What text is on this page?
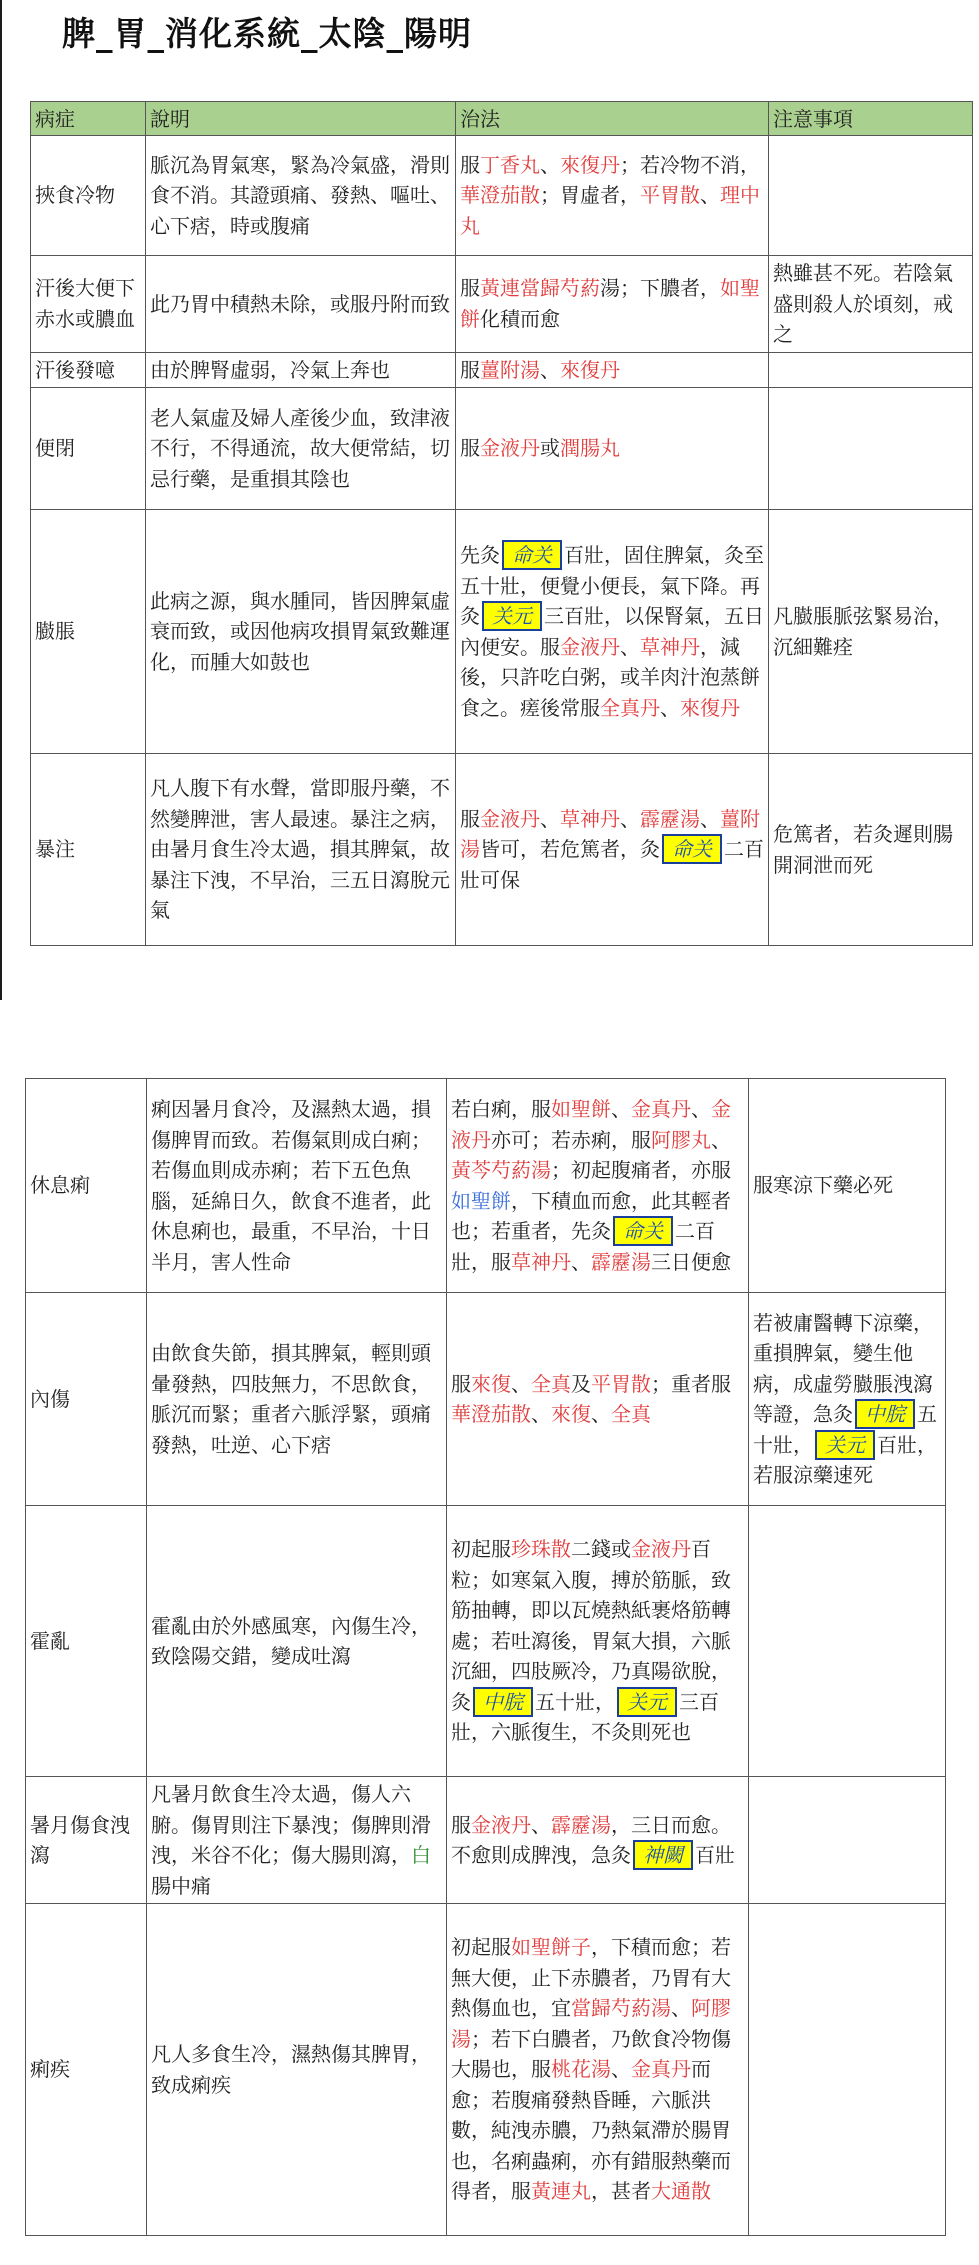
脾_胃_消化系統_太陰_陽明
病症	說明	治法	注意事項
挾食冷物	脈沉為胃氣寒，緊為冷氣盛，滑則食不消。其證頭痛、發熱、嘔吐、心下痞，時或腹痛	服丁香丸、來復丹；若冷物不消，華澄茄散；胃虛者，平胃散、理中丸	
汗後大便下赤水或膿血	此乃胃中積熱未除，或服丹附而致	服黃連當歸芍葯湯；下膿者，如聖餅化積而愈	熱雖甚不死。若陰氣盛則殺人於頃刻，戒之
汗後發噫	由於脾腎虛弱，冷氣上奔也	服薑附湯、來復丹	
便閉	老人氣虛及婦人產後少血，致津液不行，不得通流，故大便常結，切忌行藥，是重損其陰也	服金液丹或潤腸丸	
臌脹	此病之源，與水腫同，皆因脾氣虛衰而致，或因他病攻損胃氣致難運化，而腫大如鼓也	先灸 命关 百壯，固住脾氣，灸至五十壯，便覺小便長，氣下降。再灸 关元 三百壯，以保腎氣，五日內便安。服金液丹、草神丹，減後，只許吃白粥，或羊肉汁泡蒸餅食之。瘥後常服全真丹、來復丹	凡臌脹脈弦緊易治，沉細難痊
暴注	凡人腹下有水聲，當即服丹藥，不然變脾泄，害人最速。暴注之病，由暑月食生冷太過，損其脾氣，故暴注下洩，不早治，三五日瀉脫元氣	服金液丹、草神丹、霹靂湯、薑附湯皆可，若危篤者，灸 命关 二百壯可保	危篤者，若灸遲則腸開洞泄而死
休息痢	痢因暑月食冷，及濕熱太過，損傷脾胃而致。若傷氣則成白痢；若傷血則成赤痢；若下五色魚腦，延綿日久，飲食不進者，此休息痢也，最重，不早治，十日半月，害人性命	若白痢，服如聖餅、金真丹、金液丹亦可；若赤痢，服阿膠丸、黃芩芍葯湯；初起腹痛者，亦服如聖餅，下積血而愈，此其輕者也；若重者，先灸 命关 二百壯，服草神丹、霹靂湯三日便愈	服寒涼下藥必死
內傷	由飲食失節，損其脾氣，輕則頭暈發熱，四肢無力，不思飲食，脈沉而緊；重者六脈浮緊，頭痛發熱，吐逆、心下痞	服來復、全真及平胃散；重者服華澄茄散、來復、全真	若被庸醫轉下涼藥，重損脾氣，變生他病，成虛勞臌脹洩瀉等證，急灸 中脘 五十壯， 关元 百壯，若服涼藥速死
霍亂	霍亂由於外感風寒，內傷生冷，致陰陽交錯，變成吐瀉	初起服珍珠散二錢或金液丹百粒；如寒氣入腹，搏於筋脈，致筋抽轉，即以瓦燒熱紙裹烙筋轉處；若吐瀉後，胃氣大損，六脈沉細，四肢厥冷，乃真陽欲脫，灸 中脘 五十壯， 关元 三百壯，六脈復生，不灸則死也	
暑月傷食洩瀉	凡暑月飲食生冷太過，傷人六腑。傷胃則注下暴洩；傷脾則滑洩，米谷不化；傷大腸則瀉，白腸中痛	服金液丹、霹靂湯，三日而愈。不愈則成脾洩，急灸 神闕 百壯	
痢疾	凡人多食生冷，濕熱傷其脾胃，致成痢疾	初起服如聖餅子，下積而愈；若無大便，止下赤膿者，乃胃有大熱傷血也，宜當歸芍葯湯、阿膠湯；若下白膿者，乃飲食冷物傷大腸也，服桃花湯、金真丹而愈；若腹痛發熱昏睡，六脈洪數，純洩赤膿，乃熱氣滯於腸胃也，名痢蟲痢，亦有錯服熱藥而得者，服黃連丸，甚者大通散	
